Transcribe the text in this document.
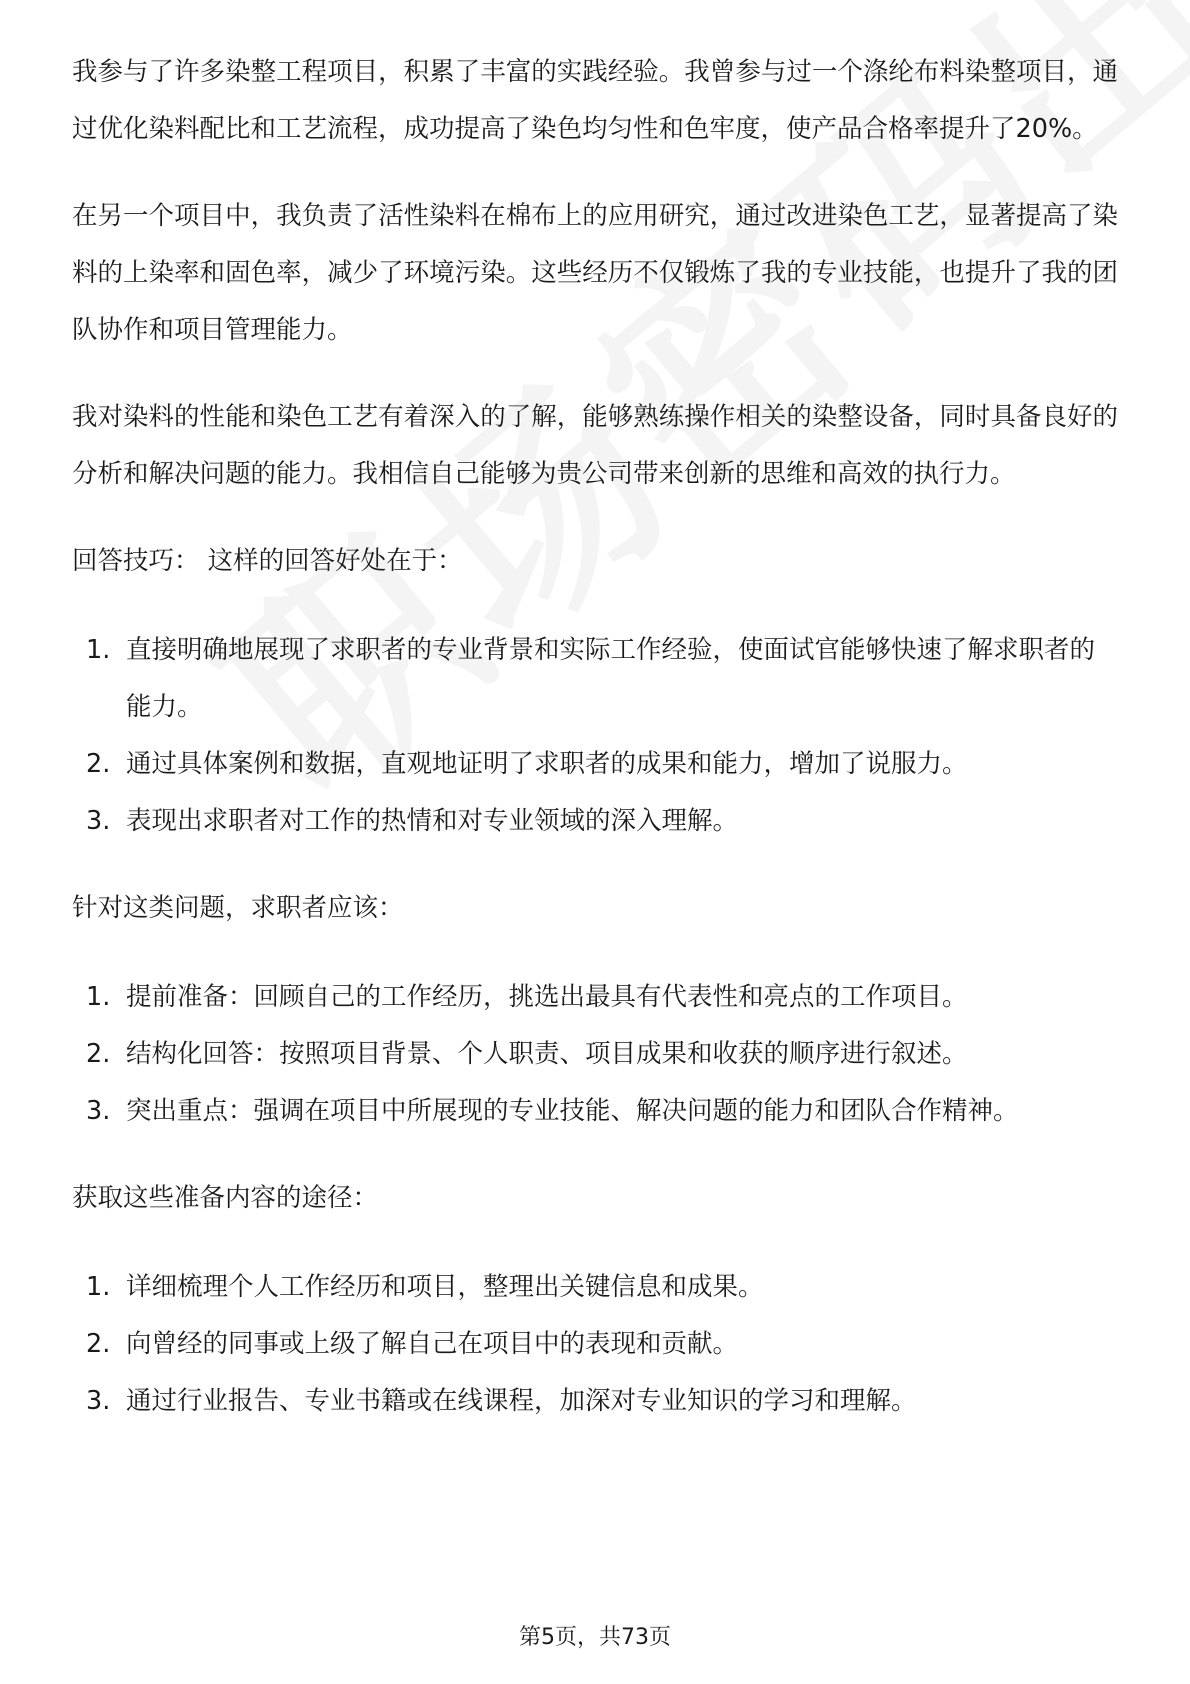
我参与了许多染整工程项目，积累了丰富的实践经验。我曾参与过一个涤纶布料染整项目，通过优化染料配比和工艺流程，成功提高了染色均匀性和色牢度，使产品合格率提升了20%。

在另一个项目中，我负责了活性染料在棉布上的应用研究，通过改进染色工艺，显著提高了染料的上染率和固色率，减少了环境污染。这些经历不仅锻炼了我的专业技能，也提升了我的团队协作和项目管理能力。

我对染料的性能和染色工艺有着深入的了解，能够熟练操作相关的染整设备，同时具备良好的分析和解决问题的能力。我相信自己能够为贵公司带来创新的思维和高效的执行力。

回答技巧： 这样的回答好处在于：
1. 直接明确地展现了求职者的专业背景和实际工作经验，使面试官能够快速了解求职者的能力。
2. 通过具体案例和数据，直观地证明了求职者的成果和能力，增加了说服力。
3. 表现出求职者对工作的热情和对专业领域的深入理解。
针对这类问题，求职者应该：
1. 提前准备：回顾自己的工作经历，挑选出最具有代表性和亮点的工作项目。
2. 结构化回答：按照项目背景、个人职责、项目成果和收获的顺序进行叙述。
3. 突出重点：强调在项目中所展现的专业技能、解决问题的能力和团队合作精神。
获取这些准备内容的途径：
1. 详细梳理个人工作经历和项目，整理出关键信息和成果。
2. 向曾经的同事或上级了解自己在项目中的表现和贡献。
3. 通过行业报告、专业书籍或在线课程，加深对专业知识的学习和理解。
第5页，共73页
